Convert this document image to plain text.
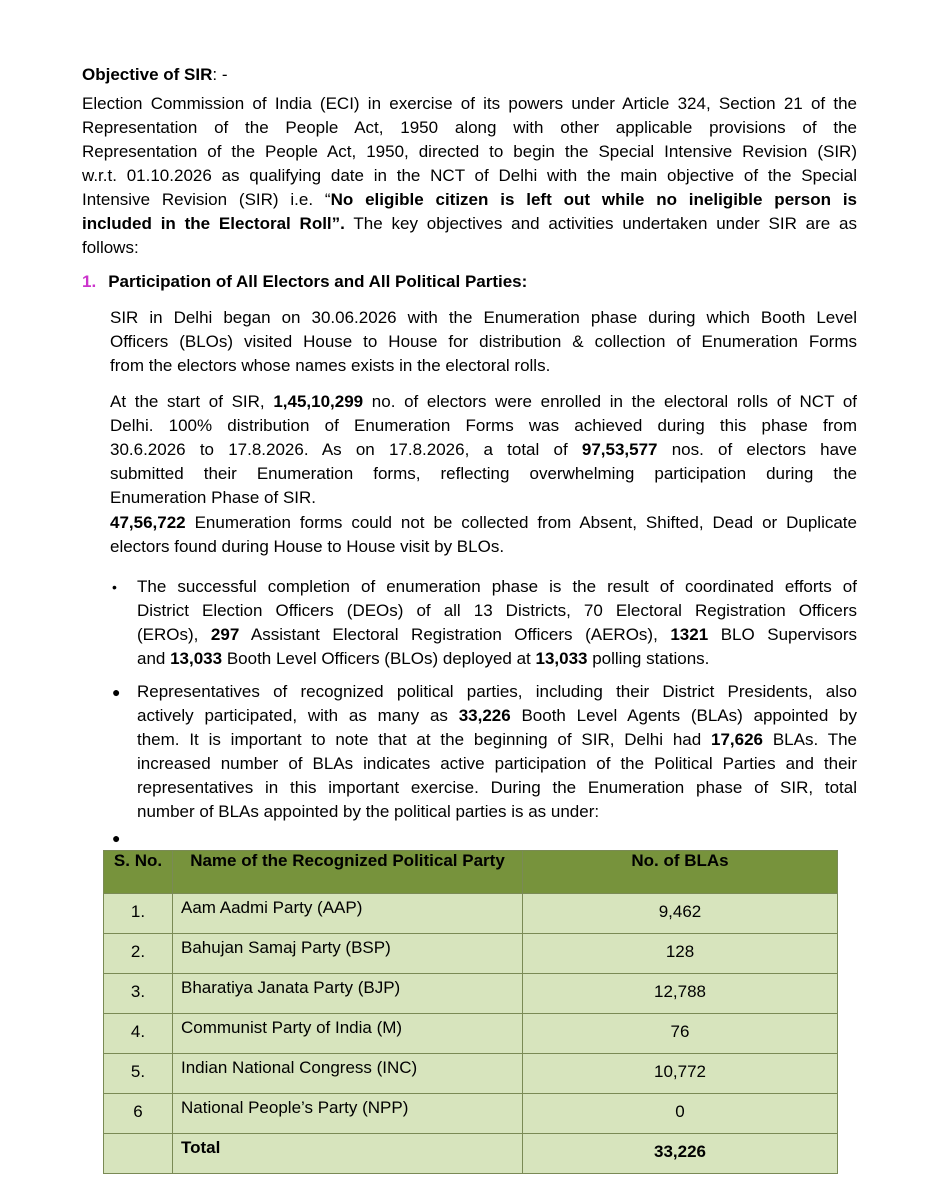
Objective of SIR: -
Election Commission of India (ECI) in exercise of its powers under Article 324, Section 21 of the
Representation of the People Act, 1950 along with other applicable provisions of the
Representation of the People Act, 1950, directed to begin the Special Intensive Revision (SIR)
w.r.t. 01.10.2026 as qualifying date in the NCT of Delhi with the main objective of the Special
Intensive Revision (SIR) i.e. “No eligible citizen is left out while no ineligible person is
included in the Electoral Roll”. The key objectives and activities undertaken under SIR are as
follows:
1. Participation of All Electors and All Political Parties:
SIR in Delhi began on 30.06.2026 with the Enumeration phase during which Booth Level
Officers (BLOs) visited House to House for distribution & collection of Enumeration Forms
from the electors whose names exists in the electoral rolls.
At the start of SIR, 1,45,10,299 no. of electors were enrolled in the electoral rolls of NCT of
Delhi. 100% distribution of Enumeration Forms was achieved during this phase from
30.6.2026 to 17.8.2026. As on 17.8.2026, a total of 97,53,577 nos. of electors have
submitted their Enumeration forms, reflecting overwhelming participation during the
Enumeration Phase of SIR.
47,56,722 Enumeration forms could not be collected from Absent, Shifted, Dead or Duplicate
electors found during House to House visit by BLOs.
• The successful completion of enumeration phase is the result of coordinated efforts of
District Election Officers (DEOs) of all 13 Districts, 70 Electoral Registration Officers
(EROs), 297 Assistant Electoral Registration Officers (AEROs), 1321 BLO Supervisors
and 13,033 Booth Level Officers (BLOs) deployed at 13,033 polling stations.
● Representatives of recognized political parties, including their District Presidents, also
actively participated, with as many as 33,226 Booth Level Agents (BLAs) appointed by
them. It is important to note that at the beginning of SIR, Delhi had 17,626 BLAs. The
increased number of BLAs indicates active participation of the Political Parties and their
representatives in this important exercise. During the Enumeration phase of SIR, total
number of BLAs appointed by the political parties is as under:
●
S. No.	Name of the Recognized Political Party	No. of BLAs
1.	Aam Aadmi Party (AAP)	9,462
2.	Bahujan Samaj Party (BSP)	128
3.	Bharatiya Janata Party (BJP)	12,788
4.	Communist Party of India (M)	76
5.	Indian National Congress (INC)	10,772
6	National People’s Party (NPP)	0
	Total	33,226
